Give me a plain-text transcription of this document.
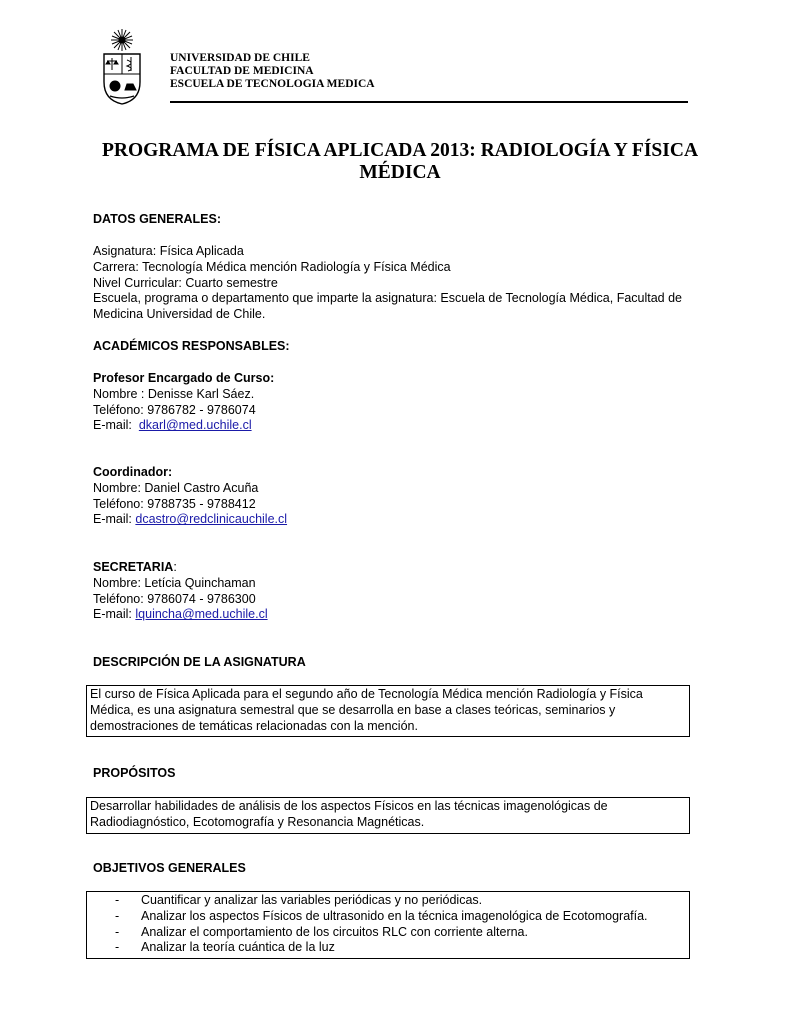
UNIVERSIDAD DE CHILE
FACULTAD DE MEDICINA
ESCUELA DE TECNOLOGIA MEDICA
PROGRAMA DE FÍSICA APLICADA 2013: RADIOLOGÍA Y FÍSICA
MÉDICA
DATOS GENERALES:
Asignatura: Física Aplicada
Carrera: Tecnología Médica mención Radiología y Física Médica
Nivel Curricular: Cuarto semestre
Escuela, programa o departamento que imparte la asignatura: Escuela de Tecnología Médica, Facultad de
Medicina Universidad de Chile.
ACADÉMICOS RESPONSABLES:
Profesor Encargado de Curso:
Nombre : Denisse Karl Sáez.
Teléfono: 9786782 - 9786074
E-mail: dkarl@med.uchile.cl
Coordinador:
Nombre: Daniel Castro Acuña
Teléfono: 9788735 - 9788412
E-mail: dcastro@redclinicauchile.cl
SECRETARIA:
Nombre: Letícia Quinchaman
Teléfono: 9786074 - 9786300
E-mail: lquincha@med.uchile.cl
DESCRIPCIÓN DE LA ASIGNATURA
PROPÓSITOS
OBJETIVOS GENERALES
El curso de Física Aplicada para el segundo año de Tecnología Médica mención Radiología y Física
Médica, es una asignatura semestral que se desarrolla en base a clases teóricas, seminarios y
demostraciones de temáticas relacionadas con la mención.
Desarrollar habilidades de análisis de los aspectos Físicos en las técnicas imagenológicas de
Radiodiagnóstico, Ecotomografía y Resonancia Magnéticas.
-	Cuantificar y analizar las variables periódicas y no periódicas.
-	Analizar los aspectos Físicos de ultrasonido en la técnica imagenológica de Ecotomografía.
-	Analizar el comportamiento de los circuitos RLC con corriente alterna.
-	Analizar la teoría cuántica de la luz
